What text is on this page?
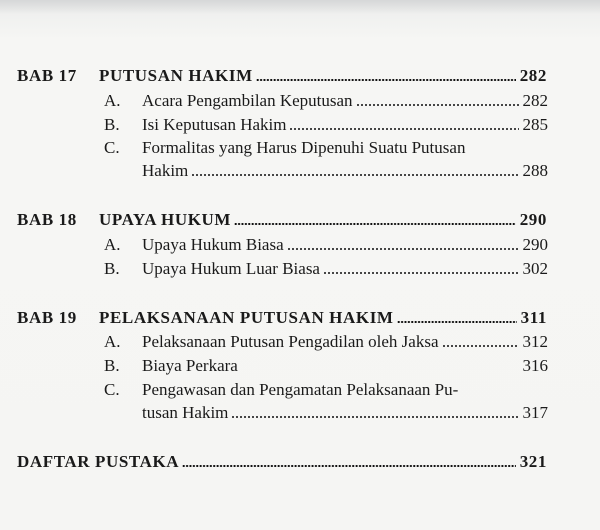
BAB 17	PUTUSAN HAKIM	282
A.	Acara Pengambilan Keputusan	282
B.	Isi Keputusan Hakim	285
C.	Formalitas yang Harus Dipenuhi Suatu Putusan
Hakim	288
BAB 18	UPAYA HUKUM	290
A.	Upaya Hukum Biasa	290
B.	Upaya Hukum Luar Biasa	302
BAB 19	PELAKSANAAN PUTUSAN HAKIM	311
A.	Pelaksanaan Putusan Pengadilan oleh Jaksa	312
B.	Biaya Perkara	316
C.	Pengawasan dan Pengamatan Pelaksanaan Pu-
tusan Hakim	317
DAFTAR PUSTAKA	321
